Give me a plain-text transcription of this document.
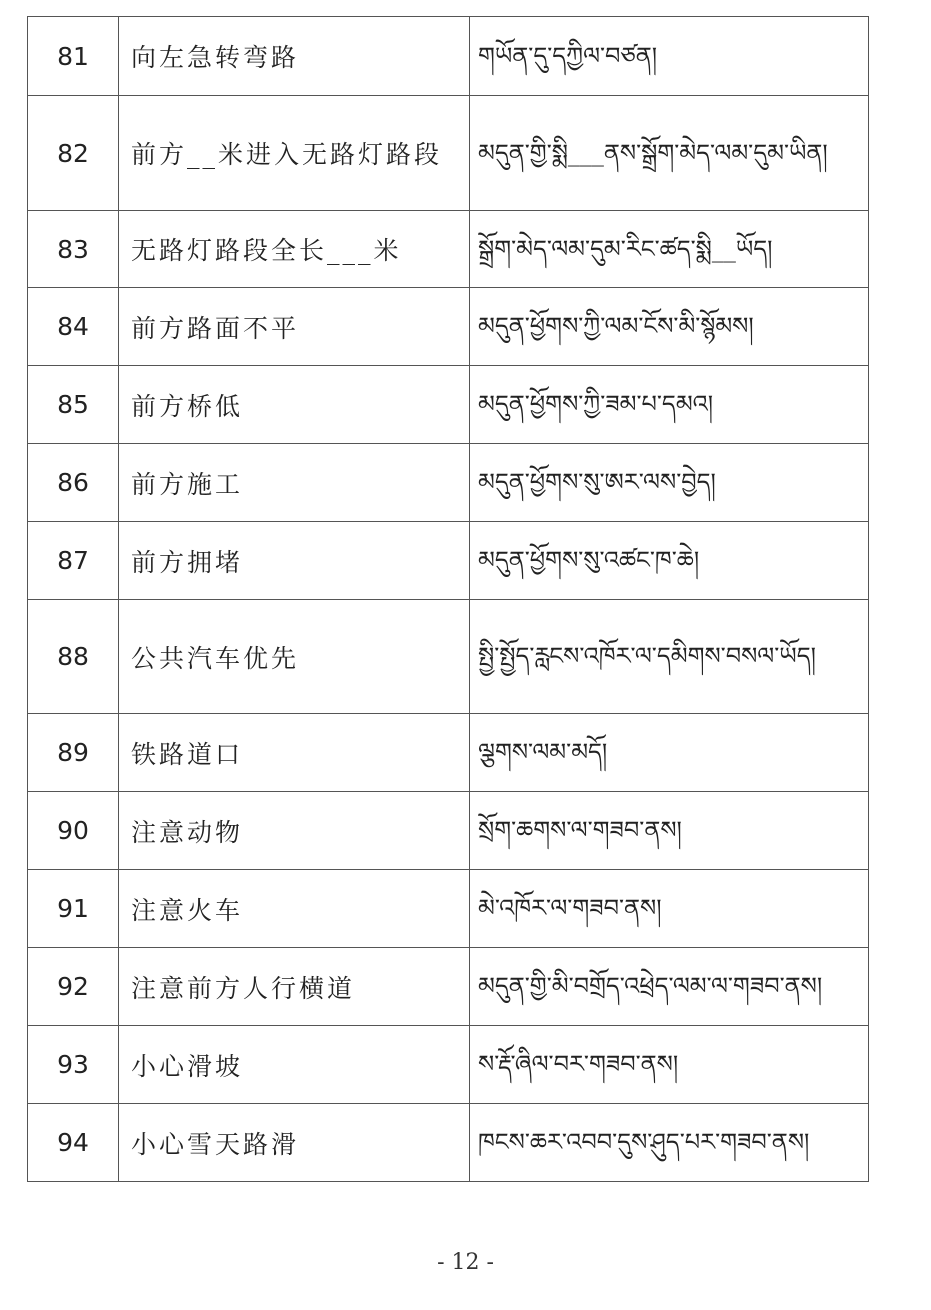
81	向左急转弯路	གཡོན་དུ་དཀྱིལ་བཙན།
82	前方__米进入无路灯路段	མདུན་གྱི་སྨི___ནས་སྒྲོག་མེད་ལམ་དུམ་ཡིན།
83	无路灯路段全长___米	སྒྲོག་མེད་ལམ་དུམ་རིང་ཚད་སྨི__ཡོད།
84	前方路面不平	མདུན་ཕྱོགས་ཀྱི་ལམ་ངོས་མི་སྙོམས།
85	前方桥低	མདུན་ཕྱོགས་ཀྱི་ཟམ་པ་དམའ།
86	前方施工	མདུན་ཕྱོགས་སུ་ཨར་ལས་བྱེད།
87	前方拥堵	མདུན་ཕྱོགས་སུ་འཚང་ཁ་ཆེ།
88	公共汽车优先	སྤྱི་སྤྱོད་རླངས་འཁོར་ལ་དམིགས་བསལ་ཡོད།
89	铁路道口	ལྕགས་ལམ་མདོ།
90	注意动物	སྲོག་ཆགས་ལ་གཟབ་ནས།
91	注意火车	མེ་འཁོར་ལ་གཟབ་ནས།
92	注意前方人行横道	མདུན་གྱི་མི་བགྲོད་འཕྲེད་ལམ་ལ་གཟབ་ནས།
93	小心滑坡	ས་རྡོ་ཞིལ་བར་གཟབ་ནས།
94	小心雪天路滑	ཁངས་ཆར་འབབ་དུས་ཤུད་པར་གཟབ་ནས།
- 12 -
